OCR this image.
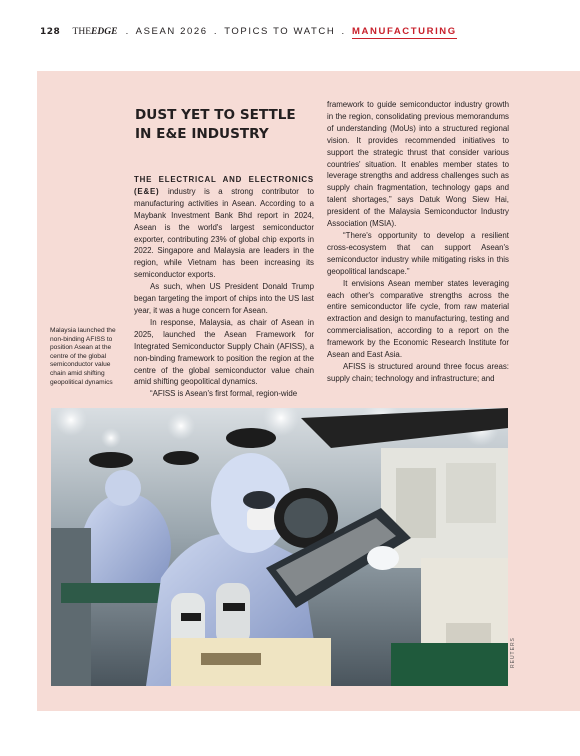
128 THEEDGE . ASEAN 2026 . TOPICS TO WATCH . MANUFACTURING
DUST YET TO SETTLE
IN E&E INDUSTRY

THE ELECTRICAL AND ELECTRONICS (E&E) industry is a strong contributor to manufacturing activities in Asean. According to a Maybank Investment Bank Bhd report in 2024, Asean is the world's largest semiconductor exporter, contributing 23% of global chip exports in 2022. Singapore and Malaysia are leaders in the region, while Vietnam has been increasing its semiconductor exports.

As such, when US President Donald Trump began targeting the import of chips into the US last year, it was a huge concern for Asean.

In response, Malaysia, as chair of Asean in 2025, launched the Asean Framework for Integrated Semiconductor Supply Chain (AFISS), a non-binding framework to position the region at the centre of the global semiconductor value chain amid shifting geopolitical dynamics.

“AFISS is Asean's first formal, region-wide

framework to guide semiconductor industry growth in the region, consolidating previous memorandums of understanding (MoUs) into a structured regional vision. It provides recommended initiatives to support the strategic thrust that consider various countries' situation. It enables member states to leverage strengths and address challenges such as supply chain fragmentation, technology gaps and talent shortages,” says Datuk Wong Siew Hai, president of the Malaysia Semiconductor Industry Association (MSIA).

“There's opportunity to develop a resilient cross-ecosystem that can support Asean's semiconductor industry while mitigating risks in this geopolitical landscape.”

It envisions Asean member states leveraging each other's comparative strengths across the entire semiconductor life cycle, from raw material extraction and design to manufacturing, testing and commercialisation, according to a report on the framework by the Economic Research Institute for Asean and East Asia.

AFISS is structured around three focus areas: supply chain; technology and infrastructure; and

Malaysia launched the non-binding AFISS to position Asean at the centre of the global semiconductor value chain amid shifting geopolitical dynamics
REUTERS
